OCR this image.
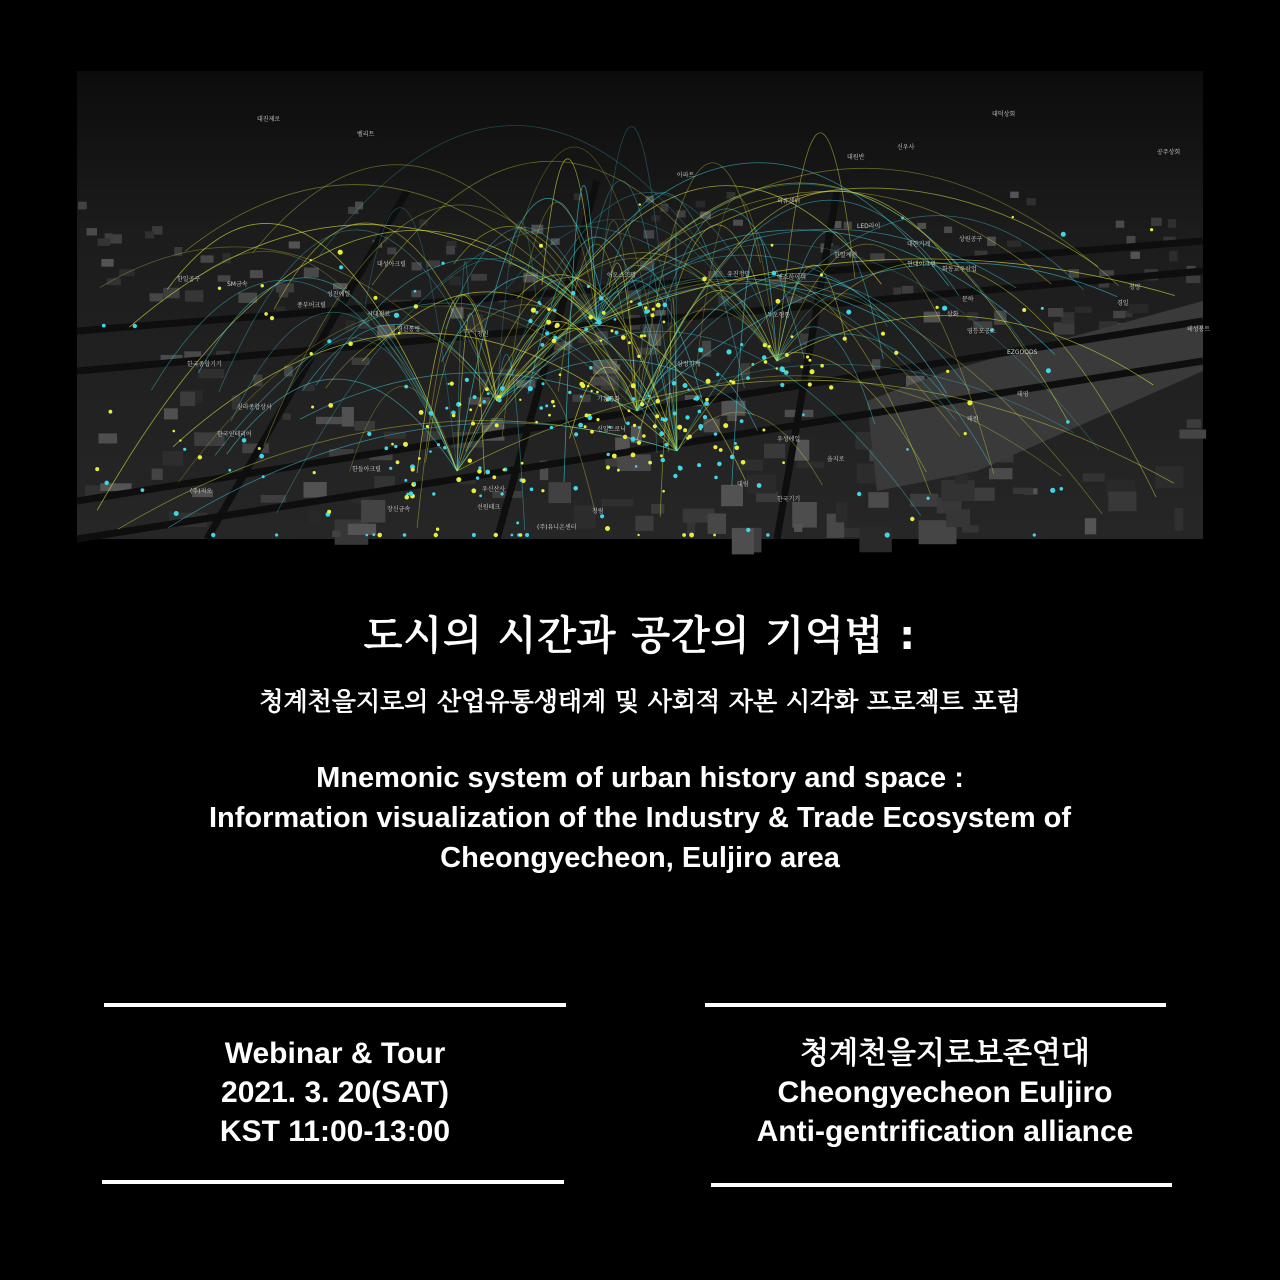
대진제로
벨리트
신우사
대덕상회
공주상회
대원반
아파트
의류센터
LED라이
대한기계
상원공구
한일계전
현대이크림
화동교우산업
예스하이텍
유진정밀
대성아크릴
청량
경일
문하
삼화
영등포공소
EZGOODS
두오형통
어오스조명
SM금속
종부어크릴
시대전료
경신통링
청진
삼정기계
신일트로닉
우성에일
을지로
태영
태원
대림
선원테크
장신금속
한들아크릴
신라종합상사
한국인테리어
한국종합기기
우신산사
청림
(주)지오
(주)유니온센터
성진에일
기흥통화
테성붕트
한일공구
한국기기
도시의 시간과 공간의 기억법 :
청계천을지로의 산업유통생태계 및 사회적 자본 시각화 프로젝트 포럼
Mnemonic system of urban history and space :
Information visualization of the Industry & Trade Ecosystem of
Cheongyecheon, Euljiro area
Webinar & Tour
2021. 3. 20(SAT)
KST 11:00-13:00
청계천을지로보존연대
Cheongyecheon Euljiro
Anti-gentrification alliance
